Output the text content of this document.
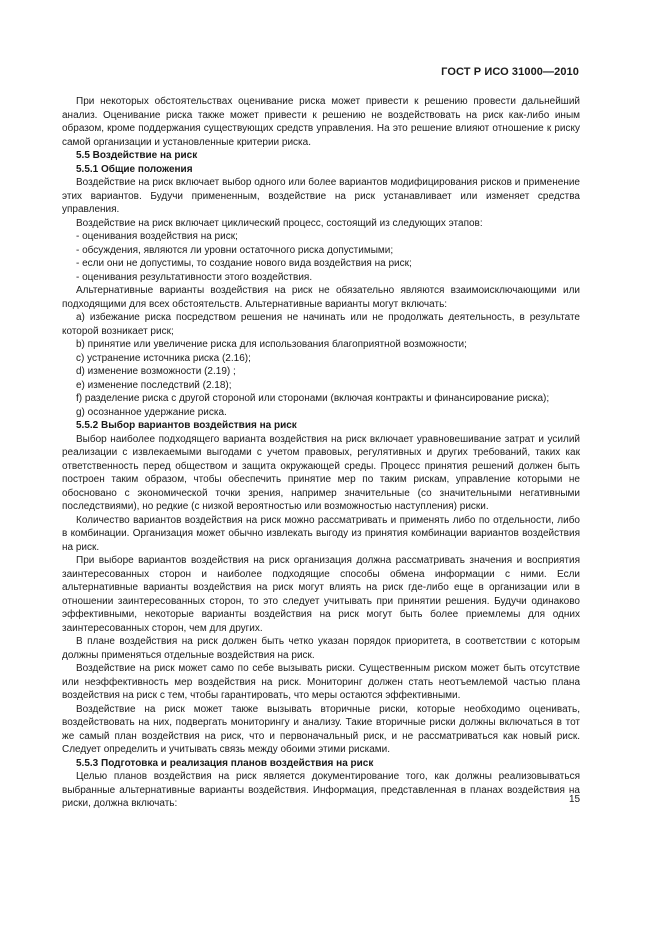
ГОСТ Р ИСО 31000—2010

При некоторых обстоятельствах оценивание риска может привести к решению провести дальнейший анализ. Оценивание риска также может привести к решению не воздействовать на риск как-либо иным образом, кроме поддержания существующих средств управления. На это решение влияют отношение к риску самой организации и установленные критерии риска.

5.5 Воздействие на риск

5.5.1 Общие положения

Воздействие на риск включает выбор одного или более вариантов модифицирования рисков и применение этих вариантов. Будучи примененным, воздействие на риск устанавливает или изменяет средства управления.

Воздействие на риск включает циклический процесс, состоящий из следующих этапов:

- оценивания воздействия на риск;

- обсуждения, являются ли уровни остаточного риска допустимыми;

- если они не допустимы, то создание нового вида воздействия на риск;

- оценивания результативности этого воздействия.

Альтернативные варианты воздействия на риск не обязательно являются взаимоисключающими или подходящими для всех обстоятельств. Альтернативные варианты могут включать:

a) избежание риска посредством решения не начинать или не продолжать деятельность, в результате которой возникает риск;

b) принятие или увеличение риска для использования благоприятной возможности;

c) устранение источника риска (2.16);

d) изменение возможности (2.19) ;

e) изменение последствий (2.18);

f) разделение риска с другой стороной или сторонами (включая контракты и финансирование риска);

g) осознанное удержание риска.

5.5.2 Выбор вариантов воздействия на риск

Выбор наиболее подходящего варианта воздействия на риск включает уравновешивание затрат и усилий реализации с извлекаемыми выгодами с учетом правовых, регулятивных и других требований, таких как ответственность перед обществом и защита окружающей среды. Процесс принятия решений должен быть построен таким образом, чтобы обеспечить принятие мер по таким рискам, управление которыми не обосновано с экономической точки зрения, например значительные (со значительными негативными последствиями), но редкие (с низкой вероятностью или возможностью наступления) риски.

Количество вариантов воздействия на риск можно рассматривать и применять либо по отдельности, либо в комбинации. Организация может обычно извлекать выгоду из принятия комбинации вариантов воздействия на риск.

При выборе вариантов воздействия на риск организация должна рассматривать значения и восприятия заинтересованных сторон и наиболее подходящие способы обмена информации с ними. Если альтернативные варианты воздействия на риск могут влиять на риск где-либо еще в организации или в отношении заинтересованных сторон, то это следует учитывать при принятии решения. Будучи одинаково эффективными, некоторые варианты воздействия на риск могут быть более приемлемы для одних заинтересованных сторон, чем для других.

В плане воздействия на риск должен быть четко указан порядок приоритета, в соответствии с которым должны применяться отдельные воздействия на риск.

Воздействие на риск может само по себе вызывать риски. Существенным риском может быть отсутствие или неэффективность мер воздействия на риск. Мониторинг должен стать неотъемлемой частью плана воздействия на риск с тем, чтобы гарантировать, что меры остаются эффективными.

Воздействие на риск может также вызывать вторичные риски, которые необходимо оценивать, воздействовать на них, подвергать мониторингу и анализу. Такие вторичные риски должны включаться в тот же самый план воздействия на риск, что и первоначальный риск, и не рассматриваться как новый риск. Следует определить и учитывать связь между обоими этими рисками.

5.5.3 Подготовка и реализация планов воздействия на риск

Целью планов воздействия на риск является документирование того, как должны реализовываться выбранные альтернативные варианты воздействия. Информация, представленная в планах воздействия на риски, должна включать:	15
